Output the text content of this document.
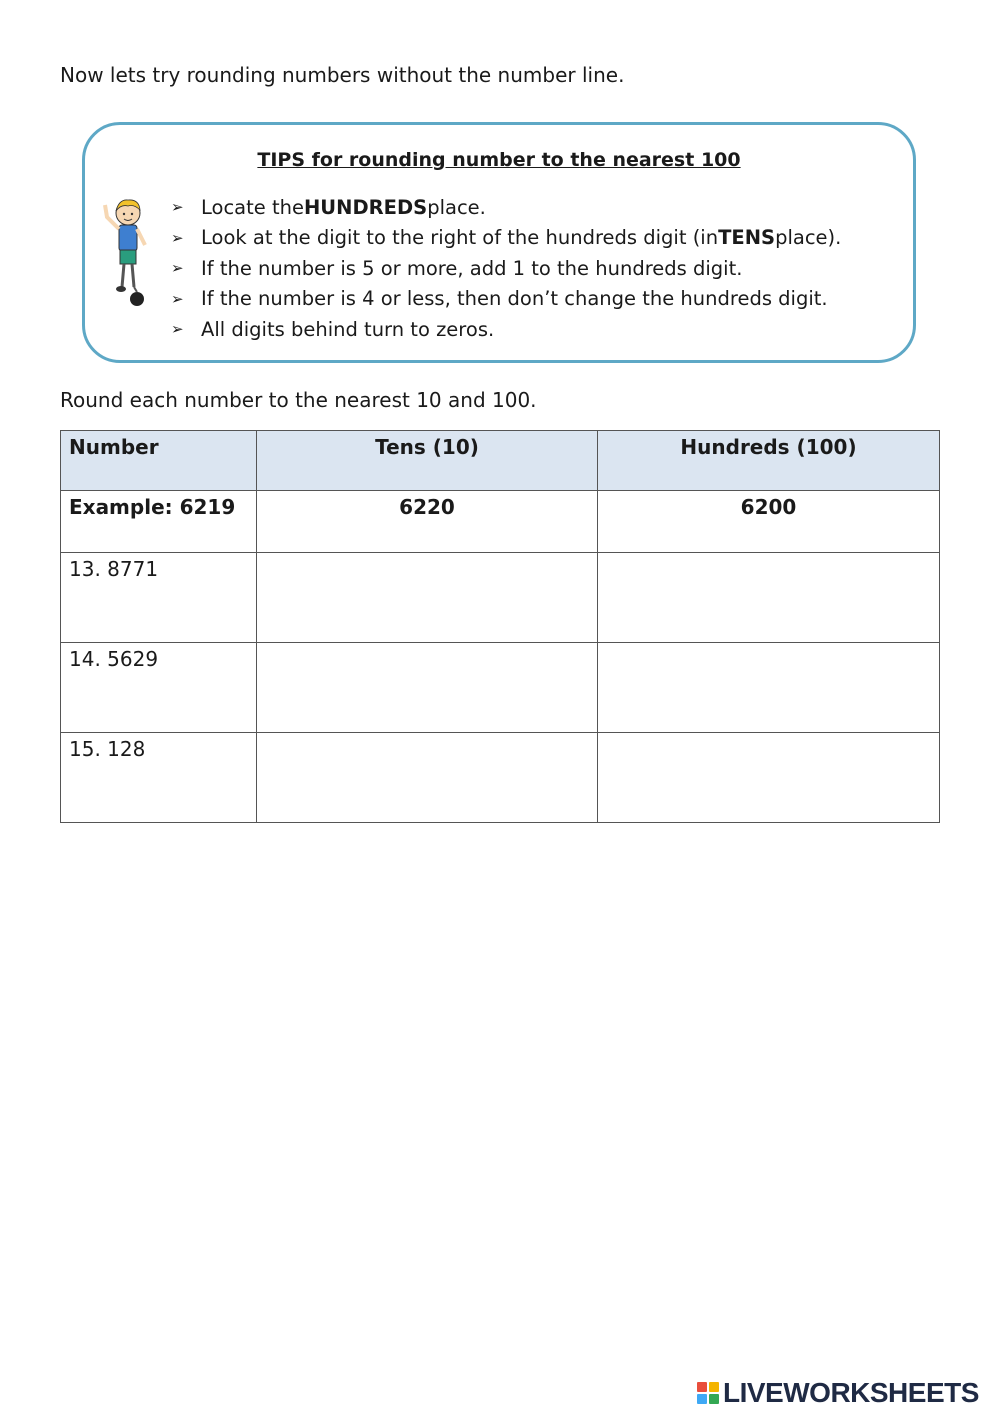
Now lets try rounding numbers without the number line.

TIPS for rounding number to the nearest 100

➢ Locate the HUNDREDS place.
➢ Look at the digit to the right of the hundreds digit (in TENS place).
➢ If the number is 5 or more, add 1 to the hundreds digit.
➢ If the number is 4 or less, then don’t change the hundreds digit.
➢ All digits behind turn to zeros.

Round each number to the nearest 10 and 100.

Number	Tens (10)	Hundreds (100)
Example: 6219	6220	6200
13. 8771		
14. 5629		
15. 128		
LIVEWORKSHEETS
